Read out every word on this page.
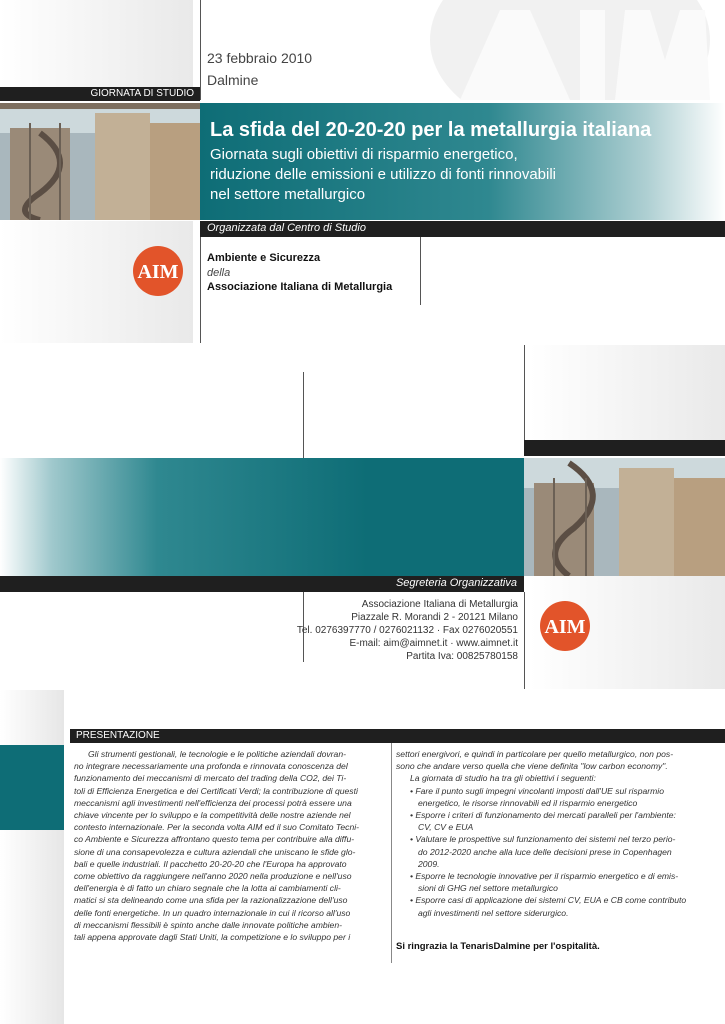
23 febbraio 2010
Dalmine
GIORNATA DI STUDIO
La sfida del 20-20-20 per la metallurgia italiana
Giornata sugli obiettivi di risparmio energetico,
riduzione delle emissioni e utilizzo di fonti rinnovabili
nel settore metallurgico
Organizzata dal Centro di Studio
AIM
Ambiente e Sicurezza
della
Associazione Italiana di Metallurgia
Segreteria Organizzativa
AIM
Associazione Italiana di Metallurgia
Piazzale R. Morandi 2 - 20121 Milano
Tel. 0276397770 / 0276021132 · Fax 0276020551
E-mail: aim@aimnet.it · www.aimnet.it
Partita Iva: 00825780158
PRESENTAZIONE

Gli strumenti gestionali, le tecnologie e le politiche aziendali dovran-

no integrare necessariamente una profonda e rinnovata conoscenza del

funzionamento dei meccanismi di mercato del trading della CO2, dei Ti-

toli di Efficienza Energetica e dei Certificati Verdi; la contribuzione di questi

meccanismi agli investimenti nell'efficienza dei processi potrà essere una

chiave vincente per lo sviluppo e la competitività delle nostre aziende nel

contesto internazionale. Per la seconda volta AIM ed il suo Comitato Tecni-

co Ambiente e Sicurezza affrontano questo tema per contribuire alla diffu-

sione di una consapevolezza e cultura aziendali che uniscano le sfide glo-

bali e quelle industriali. Il pacchetto 20-20-20 che l'Europa ha approvato

come obiettivo da raggiungere nell'anno 2020 nella produzione e nell'uso

dell'energia è di fatto un chiaro segnale che la lotta ai cambiamenti cli-

matici si sta delineando come una sfida per la razionalizzazione dell'uso

delle fonti energetiche. In un quadro internazionale in cui il ricorso all'uso

di meccanismi flessibili è spinto anche dalle innovate politiche ambien-

tali appena approvate dagli Stati Uniti, la competizione e lo sviluppo per i

settori energivori, e quindi in particolare per quello metallurgico, non pos-

sono che andare verso quella che viene definita "low carbon economy".

La giornata di studio ha tra gli obiettivi i seguenti:

• Fare il punto sugli impegni vincolanti imposti dall'UE sul risparmio

energetico, le risorse rinnovabili ed il risparmio energetico

• Esporre i criteri di funzionamento dei mercati paralleli per l'ambiente:

CV, CV e EUA

• Valutare le prospettive sul funzionamento dei sistemi nel terzo perio-

do 2012-2020 anche alla luce delle decisioni prese in Copenhagen

2009.

• Esporre le tecnologie innovative per il risparmio energetico e di emis-

sioni di GHG nel settore metallurgico

• Esporre casi di applicazione dei sistemi CV, EUA e CB come contributo

agli investimenti nel settore siderurgico.

Si ringrazia la TenarisDalmine per l'ospitalità.
